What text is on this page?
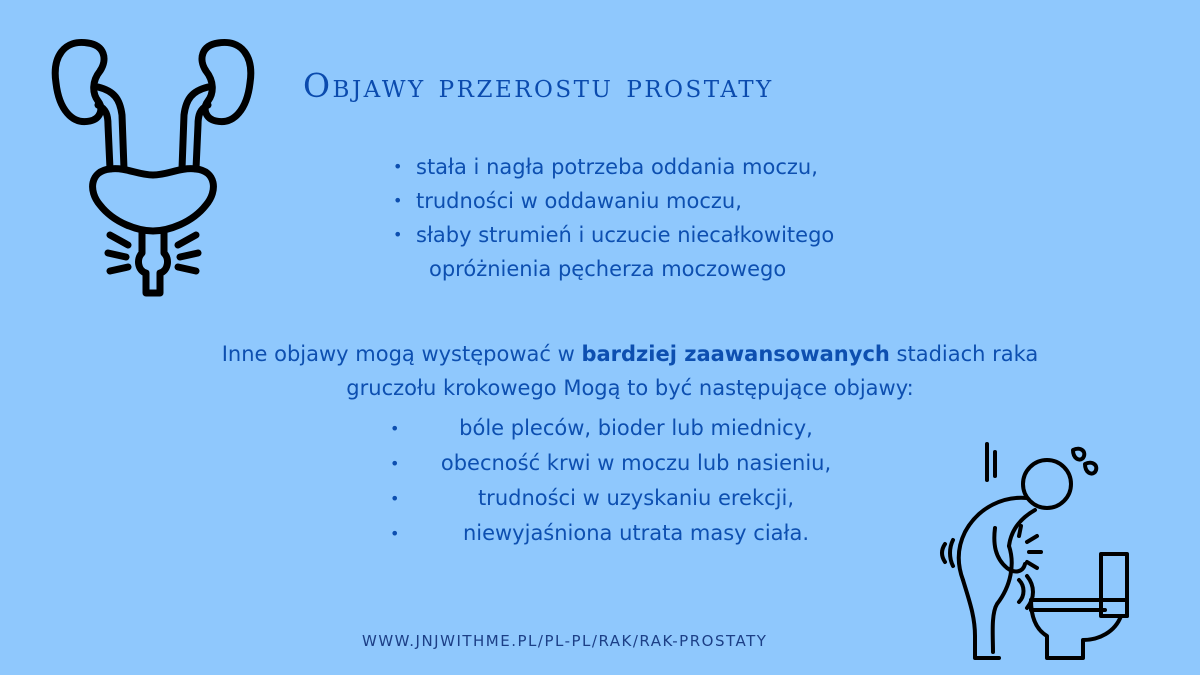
Objawy przerostu prostaty
• stała i nagła potrzeba oddania moczu,
• trudności w oddawaniu moczu,
• słaby strumień i uczucie niecałkowitego
opróżnienia pęcherza moczowego
Inne objawy mogą występować w bardziej zaawansowanych stadiach raka
gruczołu krokowego Mogą to być następujące objawy:
•	bóle pleców, bioder lub miednicy,
•	obecność krwi w moczu lub nasieniu,
•	trudności w uzyskaniu erekcji,
•	niewyjaśniona utrata masy ciała.
WWW.JNJWITHME.PL/PL-PL/RAK/RAK-PROSTATY
